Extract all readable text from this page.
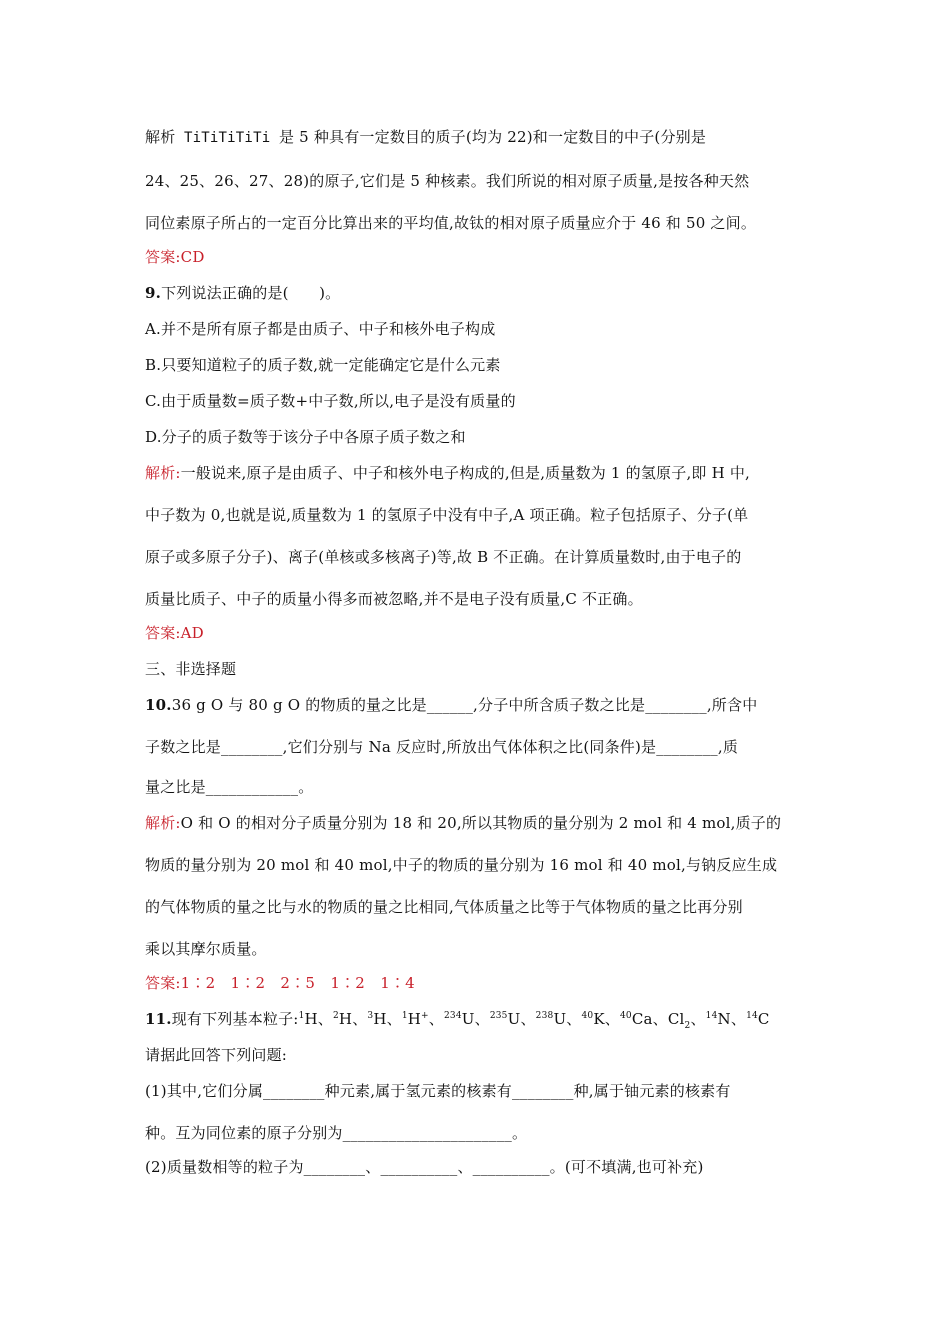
解析 TiTiTiTiTi 是 5 种具有一定数目的质子(均为 22)和一定数目的中子(分别是
24、25、26、27、28)的原子,它们是 5 种核素。我们所说的相对原子质量,是按各种天然
同位素原子所占的一定百分比算出来的平均值,故钛的相对原子质量应介于 46 和 50 之间。
答案:CD
9.下列说法正确的是(　　)。
A.并不是所有原子都是由质子、中子和核外电子构成
B.只要知道粒子的质子数,就一定能确定它是什么元素
C.由于质量数=质子数+中子数,所以,电子是没有质量的
D.分子的质子数等于该分子中各原子质子数之和
解析:一般说来,原子是由质子、中子和核外电子构成的,但是,质量数为 1 的氢原子,即 H 中,
中子数为 0,也就是说,质量数为 1 的氢原子中没有中子,A 项正确。粒子包括原子、分子(单
原子或多原子分子)、离子(单核或多核离子)等,故 B 不正确。在计算质量数时,由于电子的
质量比质子、中子的质量小得多而被忽略,并不是电子没有质量,C 不正确。
答案:AD
三、非选择题
10.36 g O 与 80 g O 的物质的量之比是______,分子中所含质子数之比是________,所含中
子数之比是________,它们分别与 Na 反应时,所放出气体体积之比(同条件)是________,质
量之比是____________。
解析:O 和 O 的相对分子质量分别为 18 和 20,所以其物质的量分别为 2 mol 和 4 mol,质子的
物质的量分别为 20 mol 和 40 mol,中子的物质的量分别为 16 mol 和 40 mol,与钠反应生成
的气体物质的量之比与水的物质的量之比相同,气体质量之比等于气体物质的量之比再分别
乘以其摩尔质量。
答案:1∶2　1∶2　2∶5　1∶2　1∶4
11.现有下列基本粒子:$^1$H、$^2$H、$^3$H、$^1$H+、$^{234}$U、$^{235}$U、$^{238}$U、$^{40}$K、$^{40}$Ca、$Cl_2$、$^{14}$N、$^{14}$C
请据此回答下列问题:
(1)其中,它们分属________种元素,属于氢元素的核素有________种,属于铀元素的核素有
种。互为同位素的原子分别为______________________。
(2)质量数相等的粒子为________、__________、__________。(可不填满,也可补充)
